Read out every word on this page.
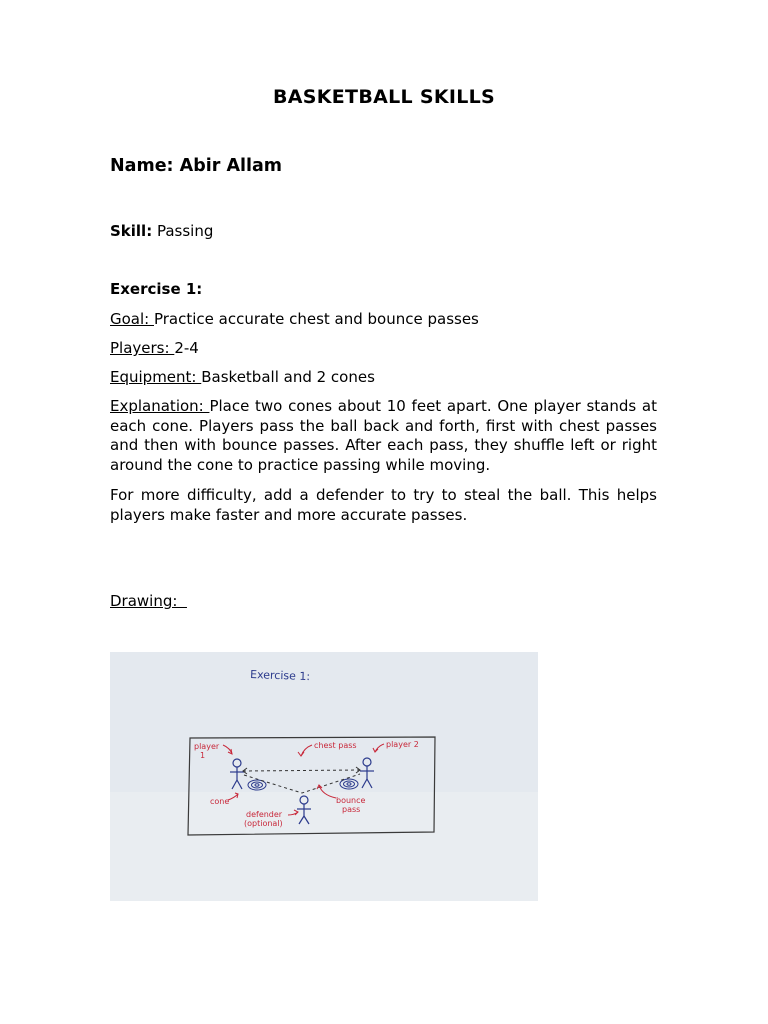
BASKETBALL SKILLS
Name: Abir Allam
Skill: Passing
Exercise 1:
Goal: Practice accurate chest and bounce passes
Players: 2-4
Equipment: Basketball and 2 cones
Explanation: Place two cones about 10 feet apart. One player stands at each cone. Players pass the ball back and forth, first with chest passes and then with bounce passes. After each pass, they shuffle left or right around the cone to practice passing while moving.
For more difficulty, add a defender to try to steal the ball. This helps players make faster and more accurate passes.
Drawing:
Exercise 1:
player
1
chest pass	player 2
cone	bounce
pass
defender
(optional)
